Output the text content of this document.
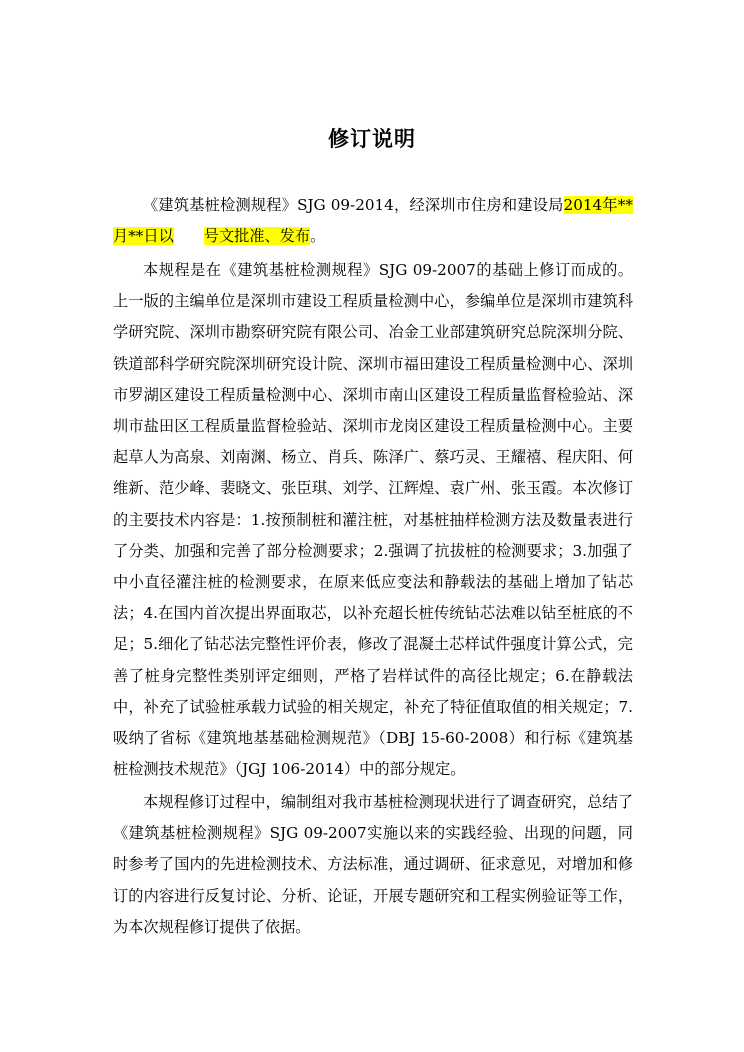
修订说明

《建筑基桩检测规程》SJG 09-2014，经深圳市住房和建设局2014年**月**日以 号文批准、发布。

本规程是在《建筑基桩检测规程》SJG 09-2007的基础上修订而成的。上一版的主编单位是深圳市建设工程质量检测中心，参编单位是深圳市建筑科学研究院、深圳市勘察研究院有限公司、冶金工业部建筑研究总院深圳分院、铁道部科学研究院深圳研究设计院、深圳市福田建设工程质量检测中心、深圳市罗湖区建设工程质量检测中心、深圳市南山区建设工程质量监督检验站、深圳市盐田区工程质量监督检验站、深圳市龙岗区建设工程质量检测中心。主要起草人为高泉、刘南渊、杨立、肖兵、陈泽广、蔡巧灵、王耀禧、程庆阳、何维新、范少峰、裴晓文、张臣琪、刘学、江辉煌、袁广州、张玉霞。本次修订的主要技术内容是：1.按预制桩和灌注桩，对基桩抽样检测方法及数量表进行了分类、加强和完善了部分检测要求；2.强调了抗拔桩的检测要求；3.加强了中小直径灌注桩的检测要求，在原来低应变法和静载法的基础上增加了钻芯法；4.在国内首次提出界面取芯，以补充超长桩传统钻芯法难以钻至桩底的不足；5.细化了钻芯法完整性评价表，修改了混凝土芯样试件强度计算公式，完善了桩身完整性类别评定细则，严格了岩样试件的高径比规定；6.在静载法中，补充了试验桩承载力试验的相关规定，补充了特征值取值的相关规定；7.吸纳了省标《建筑地基基础检测规范》（DBJ 15-60-2008）和行标《建筑基桩检测技术规范》（JGJ 106-2014）中的部分规定。

本规程修订过程中，编制组对我市基桩检测现状进行了调查研究，总结了《建筑基桩检测规程》SJG 09-2007实施以来的实践经验、出现的问题，同时参考了国内的先进检测技术、方法标准，通过调研、征求意见，对增加和修订的内容进行反复讨论、分析、论证，开展专题研究和工程实例验证等工作，为本次规程修订提供了依据。
